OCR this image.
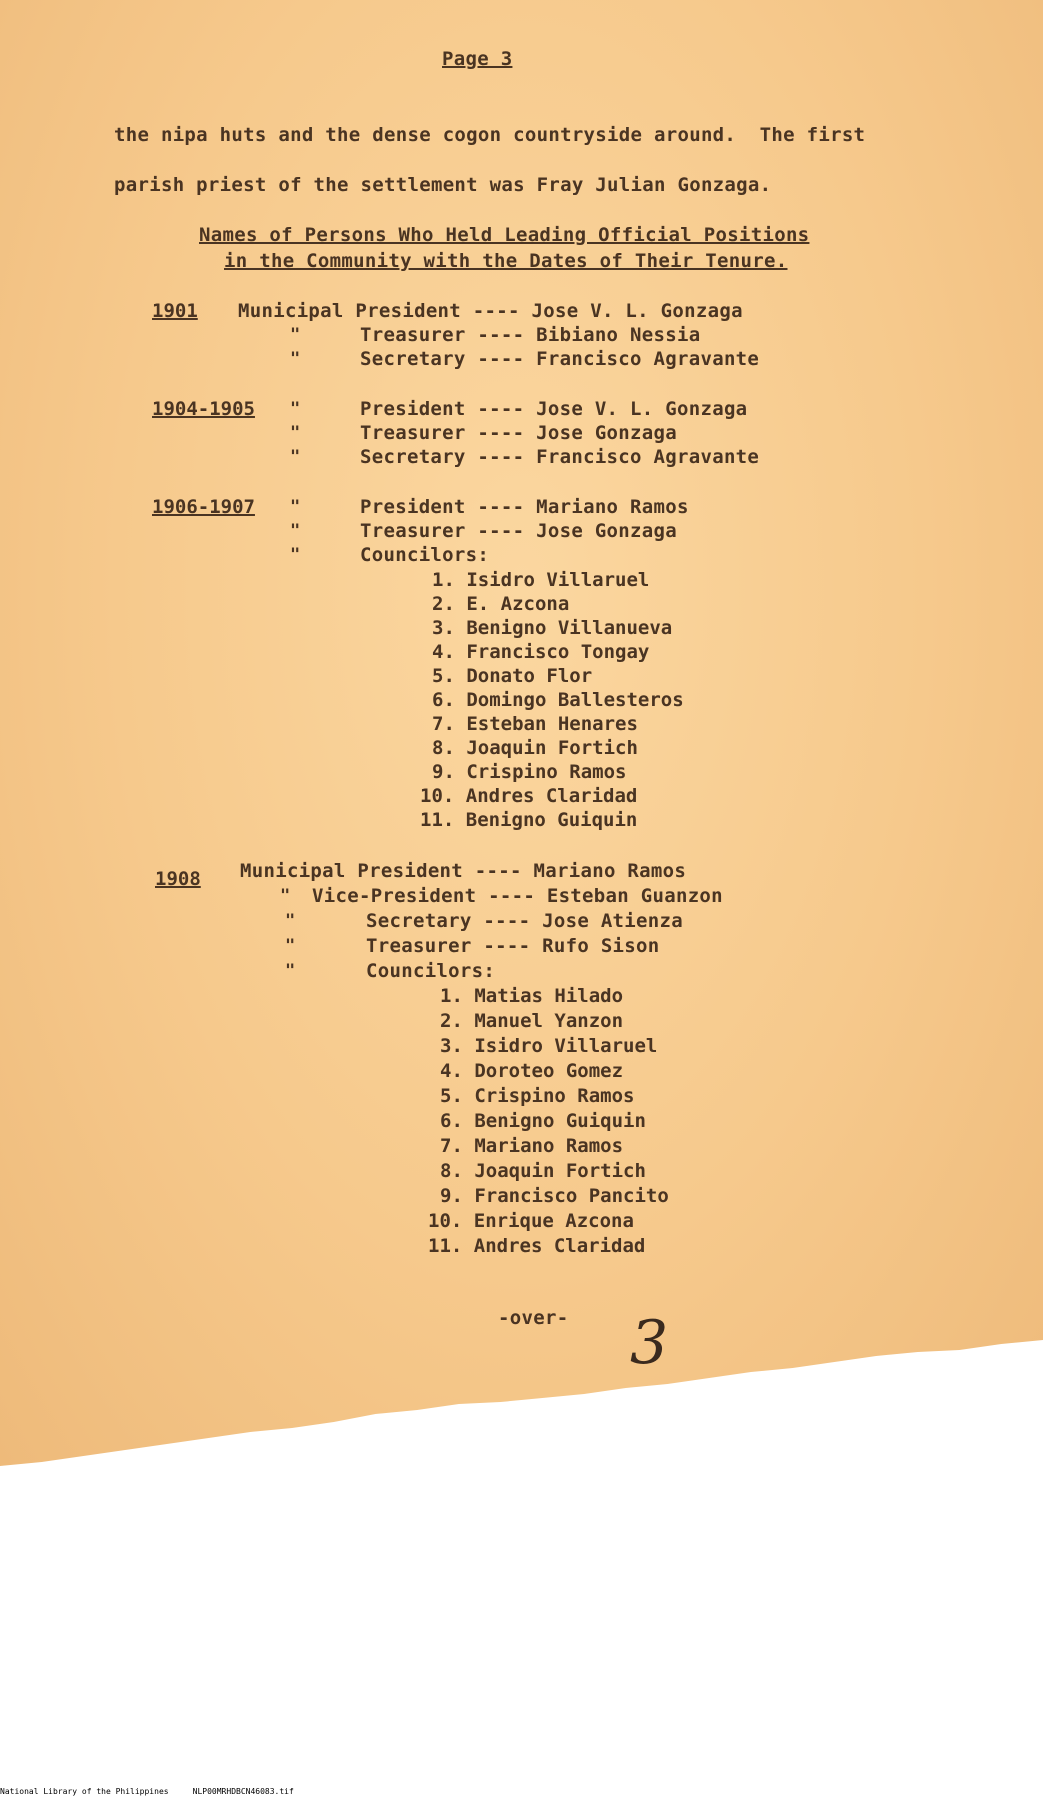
Page 3
the nipa huts and the dense cogon countryside around.  The first
parish priest of the settlement was Fray Julian Gonzaga.
Names of Persons Who Held Leading Official Positions
in the Community with the Dates of Their Tenure.
1901 Municipal President ---- Jose V. L. Gonzaga
"	Treasurer ---- Bibiano Nessia
"	Secretary ---- Francisco Agravante
1904-1905 "	President ---- Jose V. L. Gonzaga
"	Treasurer ---- Jose Gonzaga
"	Secretary ---- Francisco Agravante
1906-1907 "	President ---- Mariano Ramos
"	Treasurer ---- Jose Gonzaga
"	Councilors:
1. Isidro Villaruel
2. E. Azcona
3. Benigno Villanueva
4. Francisco Tongay
5. Donato Flor
6. Domingo Ballesteros
7. Esteban Henares
8. Joaquin Fortich
9. Crispino Ramos
10. Andres Claridad
11. Benigno Guiquin
1908 Municipal President ---- Mariano Ramos
" Vice-President ---- Esteban Guanzon
"	Secretary ---- Jose Atienza
"	Treasurer ---- Rufo Sison
"	Councilors:
1. Matias Hilado
2. Manuel Yanzon
3. Isidro Villaruel
4. Doroteo Gomez
5. Crispino Ramos
6. Benigno Guiquin
7. Mariano Ramos
8. Joaquin Fortich
9. Francisco Pancito
10. Enrique Azcona
11. Andres Claridad
-over- 3
National Library of the Philippines     NLP00MRHDBCN46083.tif
